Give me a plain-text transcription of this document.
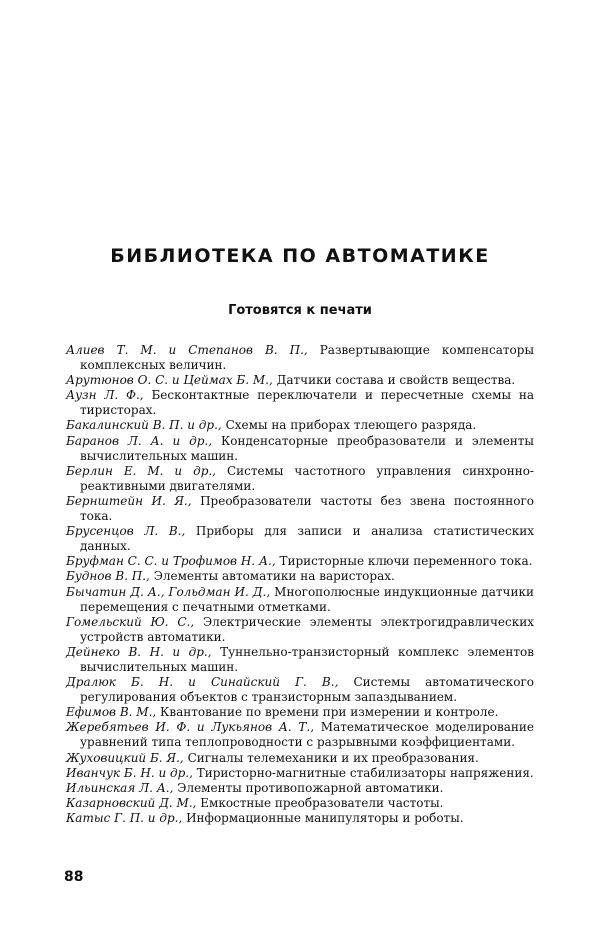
БИБЛИОТЕКА ПО АВТОМАТИКЕ
Готовятся к печати

Алиев Т. М. и Степанов В. П., Развертывающие компенсаторы комплексных величин.

Арутюнов О. С. и Цеймах Б. М., Датчики состава и свойств вещества.

Аузн Л. Ф., Бесконтактные переключатели и пересчетные схемы на тиристорах.

Бакалинский В. П. и др., Схемы на приборах тлеющего разряда.

Баранов Л. А. и др., Конденсаторные преобразователи и элементы вычислительных машин.

Берлин Е. М. и др., Системы частотного управления синхронно-реактивными двигателями.

Бернштейн И. Я., Преобразователи частоты без звена постоянного тока.

Брусенцов Л. В., Приборы для записи и анализа статистических данных.

Бруфман С. С. и Трофимов Н. А., Тиристорные ключи переменного тока.

Буднов В. П., Элементы автоматики на варисторах.

Бычатин Д. А., Гольдман И. Д., Многополюсные индукционные датчики перемещения с печатными отметками.

Гомельский Ю. С., Электрические элементы электрогидравлических устройств автоматики.

Дейнеко В. Н. и др., Туннельно-транзисторный комплекс элементов вычислительных машин.

Дралюк Б. Н. и Синайский Г. В., Системы автоматического регулирования объектов с транзисторным запаздыванием.

Ефимов В. М., Квантование по времени при измерении и контроле.

Жеребятьев И. Ф. и Лукьянов А. Т., Математическое моделирование уравнений типа теплопроводности с разрывными коэффициентами.

Жуховицкий Б. Я., Сигналы телемеханики и их преобразования.

Иванчук Б. Н. и др., Тиристорно-магнитные стабилизаторы напряжения.

Ильинская Л. А., Элементы противопожарной автоматики.

Казарновский Д. М., Емкостные преобразователи частоты.

Катыс Г. П. и др., Информационные манипуляторы и роботы.

88
